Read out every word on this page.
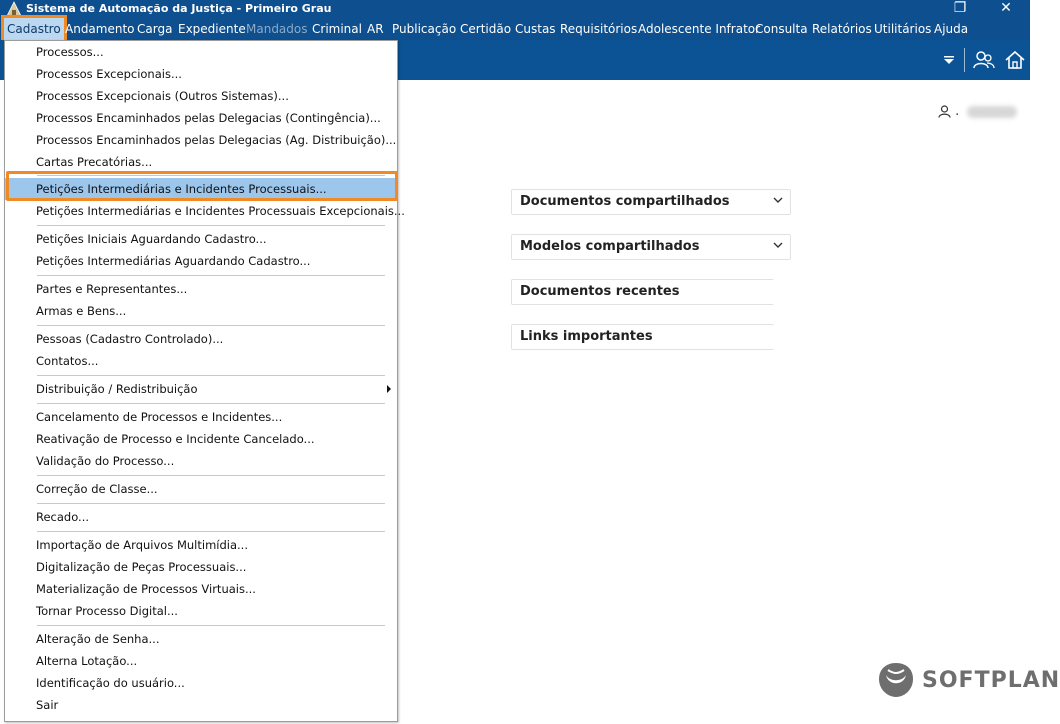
Sistema de Automação da Justiça - Primeiro Grau	❐	✕
Cadastro Andamento Carga Expediente Mandados Criminal AR Publicação Certidão Custas Requisitórios Adolescente Infrator
Consulta Relatórios Utilitários Ajuda
.
Documentos compartilhados
Modelos compartilhados
Documentos recentes
Links importantes
SOFTPLAN
Processos...
Processos Excepcionais...
Processos Excepcionais (Outros Sistemas)...
Processos Encaminhados pelas Delegacias (Contingência)...
Processos Encaminhados pelas Delegacias (Ag. Distribuição)...
Cartas Precatórias...
Petições Intermediárias e Incidentes Processuais...
Petições Intermediárias e Incidentes Processuais Excepcionais...
Petições Iniciais Aguardando Cadastro...
Petições Intermediárias Aguardando Cadastro...
Partes e Representantes...
Armas e Bens...
Pessoas (Cadastro Controlado)...
Contatos...
Distribuição / Redistribuição
Cancelamento de Processos e Incidentes...
Reativação de Processo e Incidente Cancelado...
Validação do Processo...
Correção de Classe...
Recado...
Importação de Arquivos Multimídia...
Digitalização de Peças Processuais...
Materialização de Processos Virtuais...
Tornar Processo Digital...
Alteração de Senha...
Alterna Lotação...
Identificação do usuário...
Sair
